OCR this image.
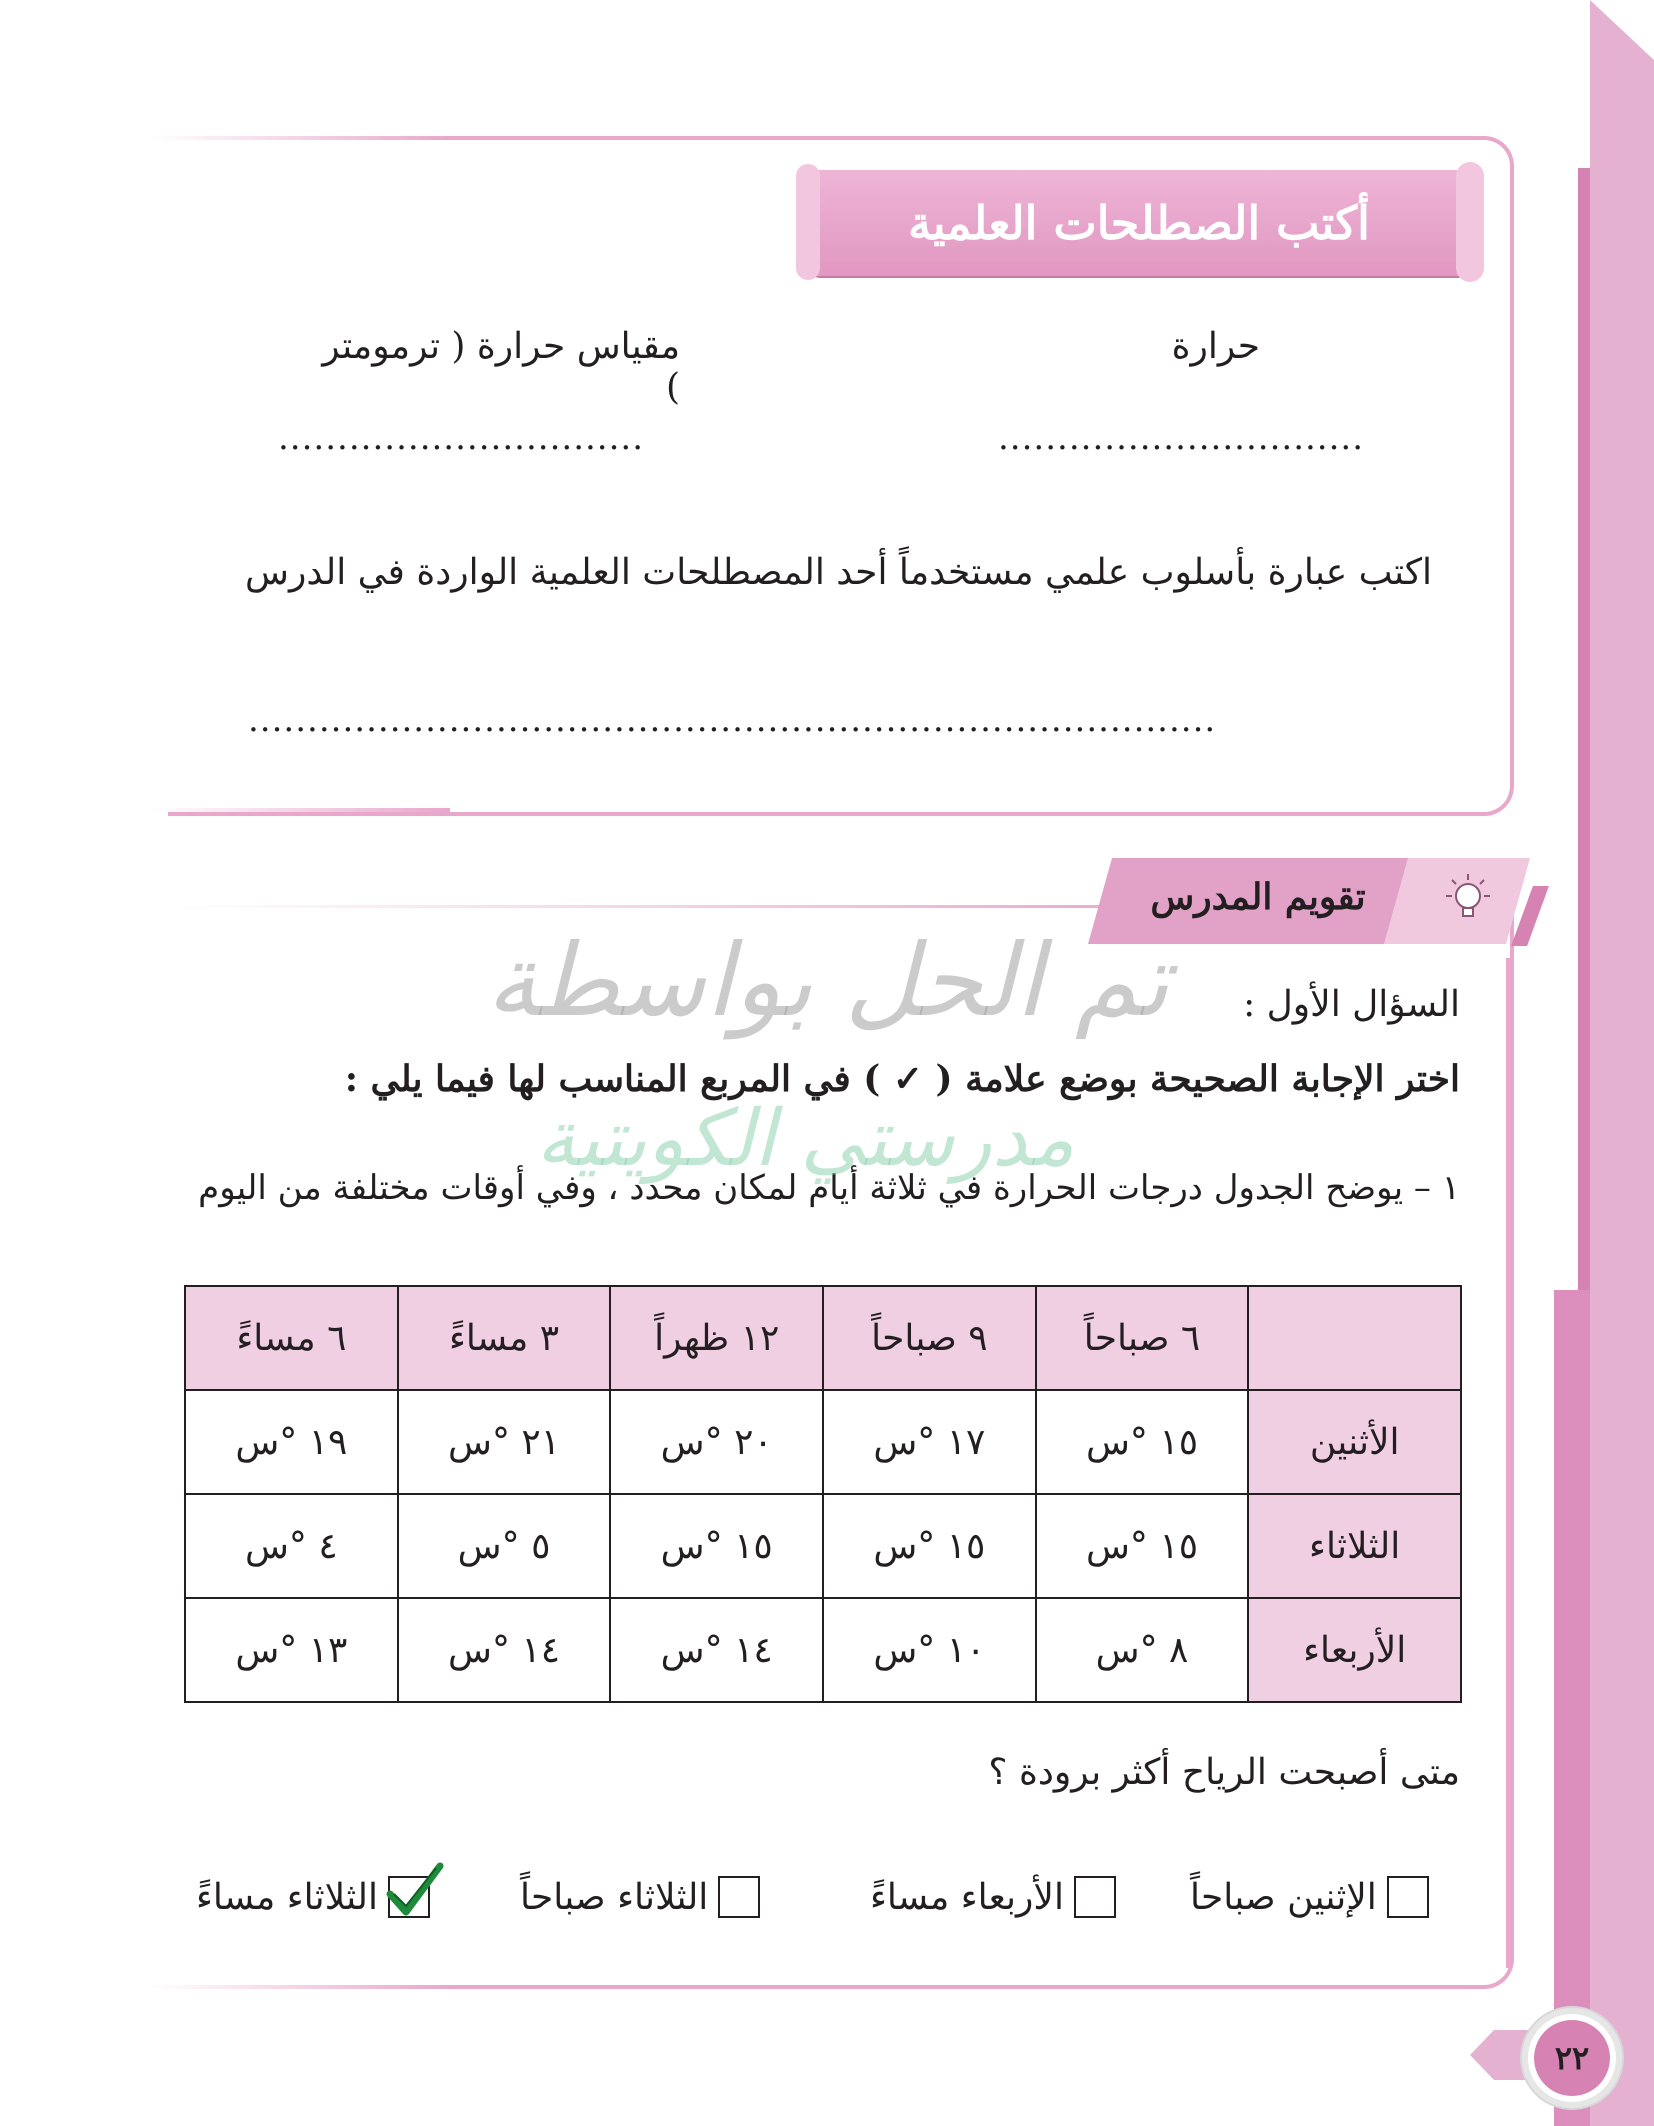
أكتب الصطلحات العلمية
حرارة
مقياس حرارة ( ترمومتر )
...............................
...............................
اكتب عبارة بأسلوب علمي مستخدماً أحد المصطلحات العلمية الواردة في الدرس
..................................................................................
تقويم المدرس
السؤال الأول :
اختر الإجابة الصحيحة بوضع علامة ( ✓ ) في المربع المناسب لها فيما يلي :
١ – يوضح الجدول درجات الحرارة في ثلاثة أيام لمكان محدد ، وفي أوقات مختلفة من اليوم
تم الحل بواسطة
مدرستي الكويتية
	٦ صباحاً	٩ صباحاً	١٢ ظهراً	٣ مساءً	٦ مساءً
الأثنين	١٥ °س	١٧ °س	٢٠ °س	٢١ °س	١٩ °س
الثلاثاء	١٥ °س	١٥ °س	١٥ °س	٥ °س	٤ °س
الأربعاء	٨ °س	١٠ °س	١٤ °س	١٤ °س	١٣ °س
متى أصبحت الرياح أكثر برودة ؟
الإثنين صباحاً
الأربعاء مساءً
الثلاثاء صباحاً
الثلاثاء مساءً
٢٢
